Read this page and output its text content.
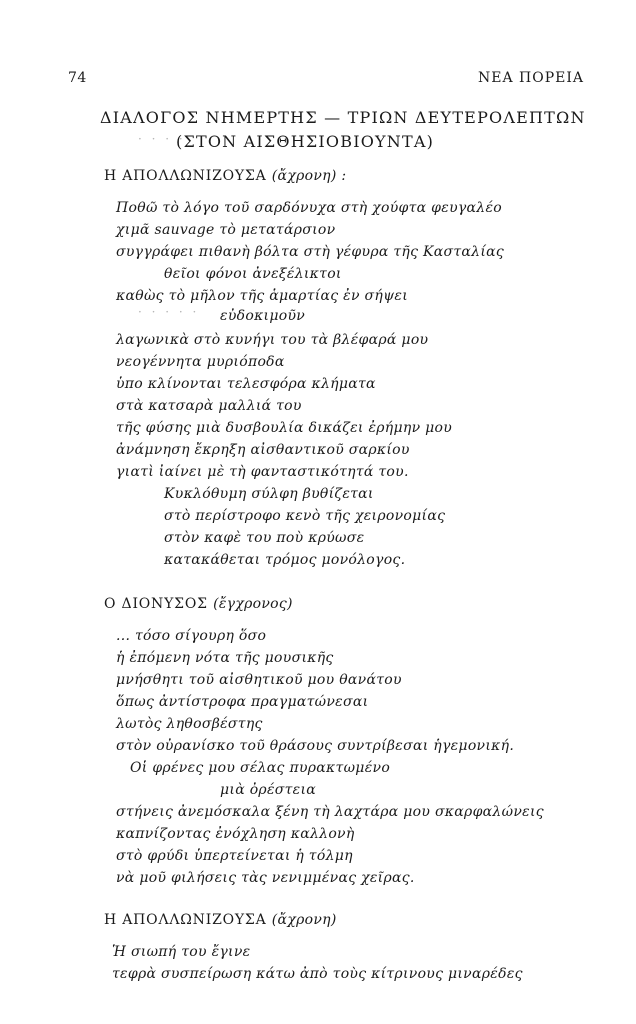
74	ΝΕΑ ΠΟΡΕΙΑ
ΔΙΑΛΟΓΟΣ ΝΗΜΕΡΤΗΣ — ΤΡΙΩΝ ΔΕΥΤΕΡΟΛΕΠΤΩΝ
· · · ·
(ΣΤΟΝ ΑΙΣΘΗΣΙΟΒΙΟΥΝΤΑ)
Η ΑΠΟΛΛΩΝΙΖΟΥΣΑ (ἄχρονη) :
Ποθῶ τὸ λόγο τοῦ σαρδόνυχα στὴ χούφτα φευγαλέο
χιμᾶ sauvage τὸ μετατάρσιον
συγγράφει πιθανὴ βόλτα στὴ γέφυρα τῆς Κασταλίας
θεῖοι φόνοι ἀνεξέλικτοι
καθὼς τὸ μῆλον τῆς ἁμαρτίας ἐν σήψει
· · · · · εὐδοκιμοῦν
λαγωνικὰ στὸ κυνήγι του τὰ βλέφαρά μου
νεογέννητα μυριόποδα
ὑπο κλίνονται τελεσφόρα κλήματα
στὰ κατσαρὰ μαλλιά του
τῆς φύσης μιὰ δυσβουλία δικάζει ἐρήμην μου
ἀνάμνηση ἔκρηξη αἰσθαντικοῦ σαρκίου
γιατὶ ἰαίνει μὲ τὴ φανταστικότητά του.
Κυκλόθυμη σύλφη βυθίζεται
στὸ περίστροφο κενὸ τῆς χειρονομίας
στὸν καφὲ του ποὺ κρύωσε
κατακάθεται τρόμος μονόλογος.
Ο ΔΙΟΝΥΣΟΣ (ἔγχρονος)
... τόσο σίγουρη ὅσο
ἡ ἐπόμενη νότα τῆς μουσικῆς
μνήσθητι τοῦ αἰσθητικοῦ μου θανάτου
ὅπως ἀντίστροφα πραγματώνεσαι
λωτὸς ληθοσβέστης
στὸν οὐρανίσκο τοῦ θράσους συντρίβεσαι ἡγεμονική.
Οἱ φρένες μου σέλας πυρακτωμένο
μιὰ ὀρέστεια
στήνεις ἀνεμόσκαλα ξένη τὴ λαχτάρα μου σκαρφαλώνεις
καπνίζοντας ἐνόχληση καλλονὴ
στὸ φρύδι ὑπερτείνεται ἡ τόλμη
νὰ μοῦ φιλήσεις τὰς νενιμμένας χεῖρας.
Η ΑΠΟΛΛΩΝΙΖΟΥΣΑ (ἄχρονη)
Ἡ σιωπή του ἔγινε
τεφρὰ συσπείρωση κάτω ἀπὸ τοὺς κίτρινους μιναρέδες
